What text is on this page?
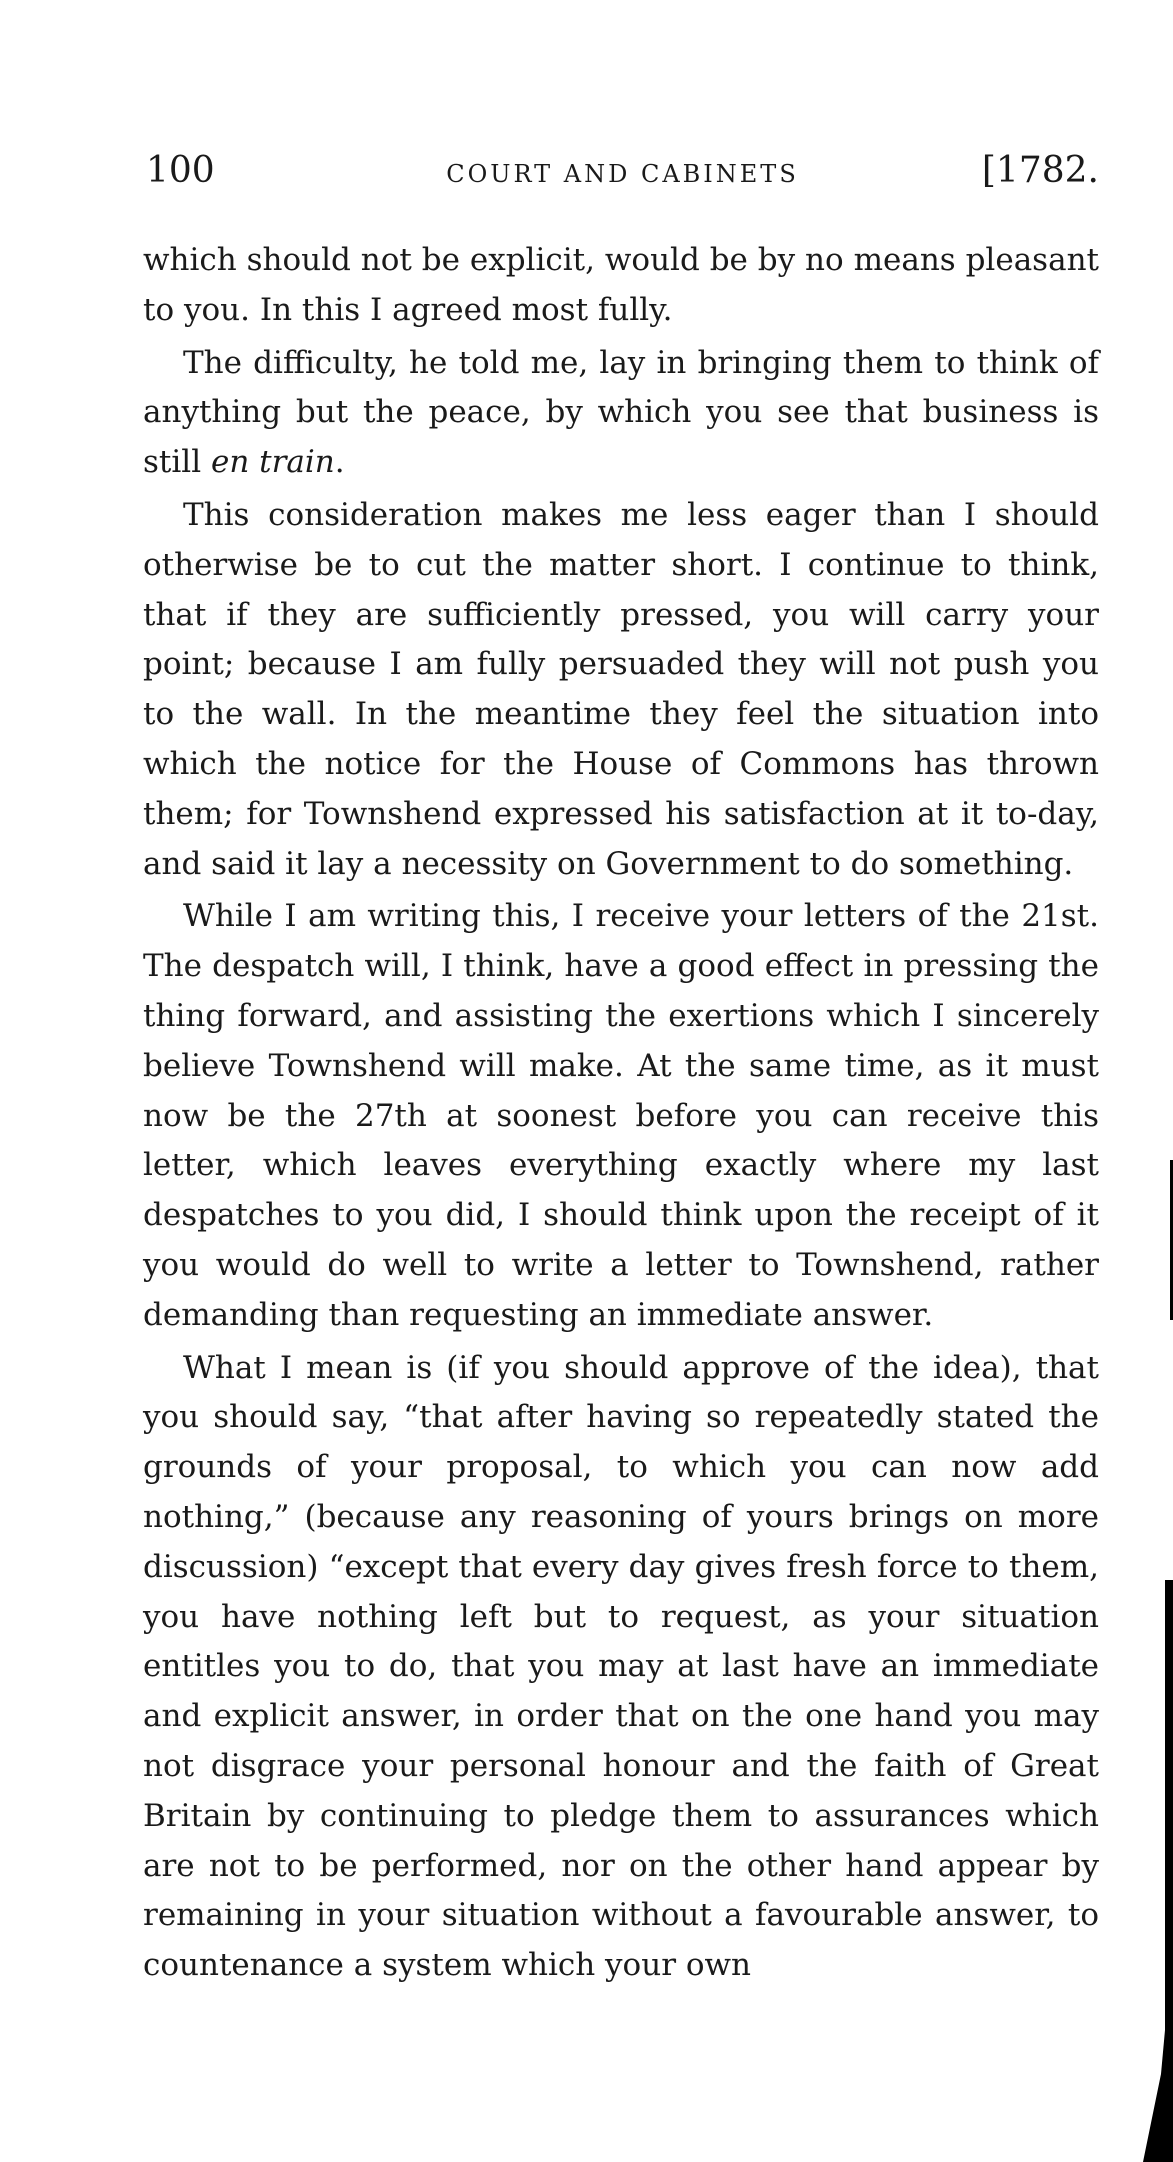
100	COURT AND CABINETS	[1782.

which should not be explicit, would be by no means pleasant to you. In this I agreed most fully.

The difficulty, he told me, lay in bringing them to think of anything but the peace, by which you see that business is still en train.

This consideration makes me less eager than I should otherwise be to cut the matter short. I continue to think, that if they are sufficiently pressed, you will carry your point; because I am fully persuaded they will not push you to the wall. In the meantime they feel the situation into which the notice for the House of Commons has thrown them; for Townshend expressed his satisfaction at it to-day, and said it lay a necessity on Government to do something.

While I am writing this, I receive your letters of the 21st. The despatch will, I think, have a good effect in pressing the thing forward, and assisting the exertions which I sincerely believe Townshend will make. At the same time, as it must now be the 27th at soonest before you can receive this letter, which leaves everything exactly where my last despatches to you did, I should think upon the receipt of it you would do well to write a letter to Townshend, rather demanding than requesting an immediate answer.

What I mean is (if you should approve of the idea), that you should say, “that after having so repeatedly stated the grounds of your proposal, to which you can now add nothing,” (because any reasoning of yours brings on more discussion) “except that every day gives fresh force to them, you have nothing left but to request, as your situation entitles you to do, that you may at last have an immediate and explicit answer, in order that on the one hand you may not disgrace your personal honour and the faith of Great Britain by continuing to pledge them to assurances which are not to be performed, nor on the other hand appear by remaining in your situation without a favourable answer, to countenance a system which your own
